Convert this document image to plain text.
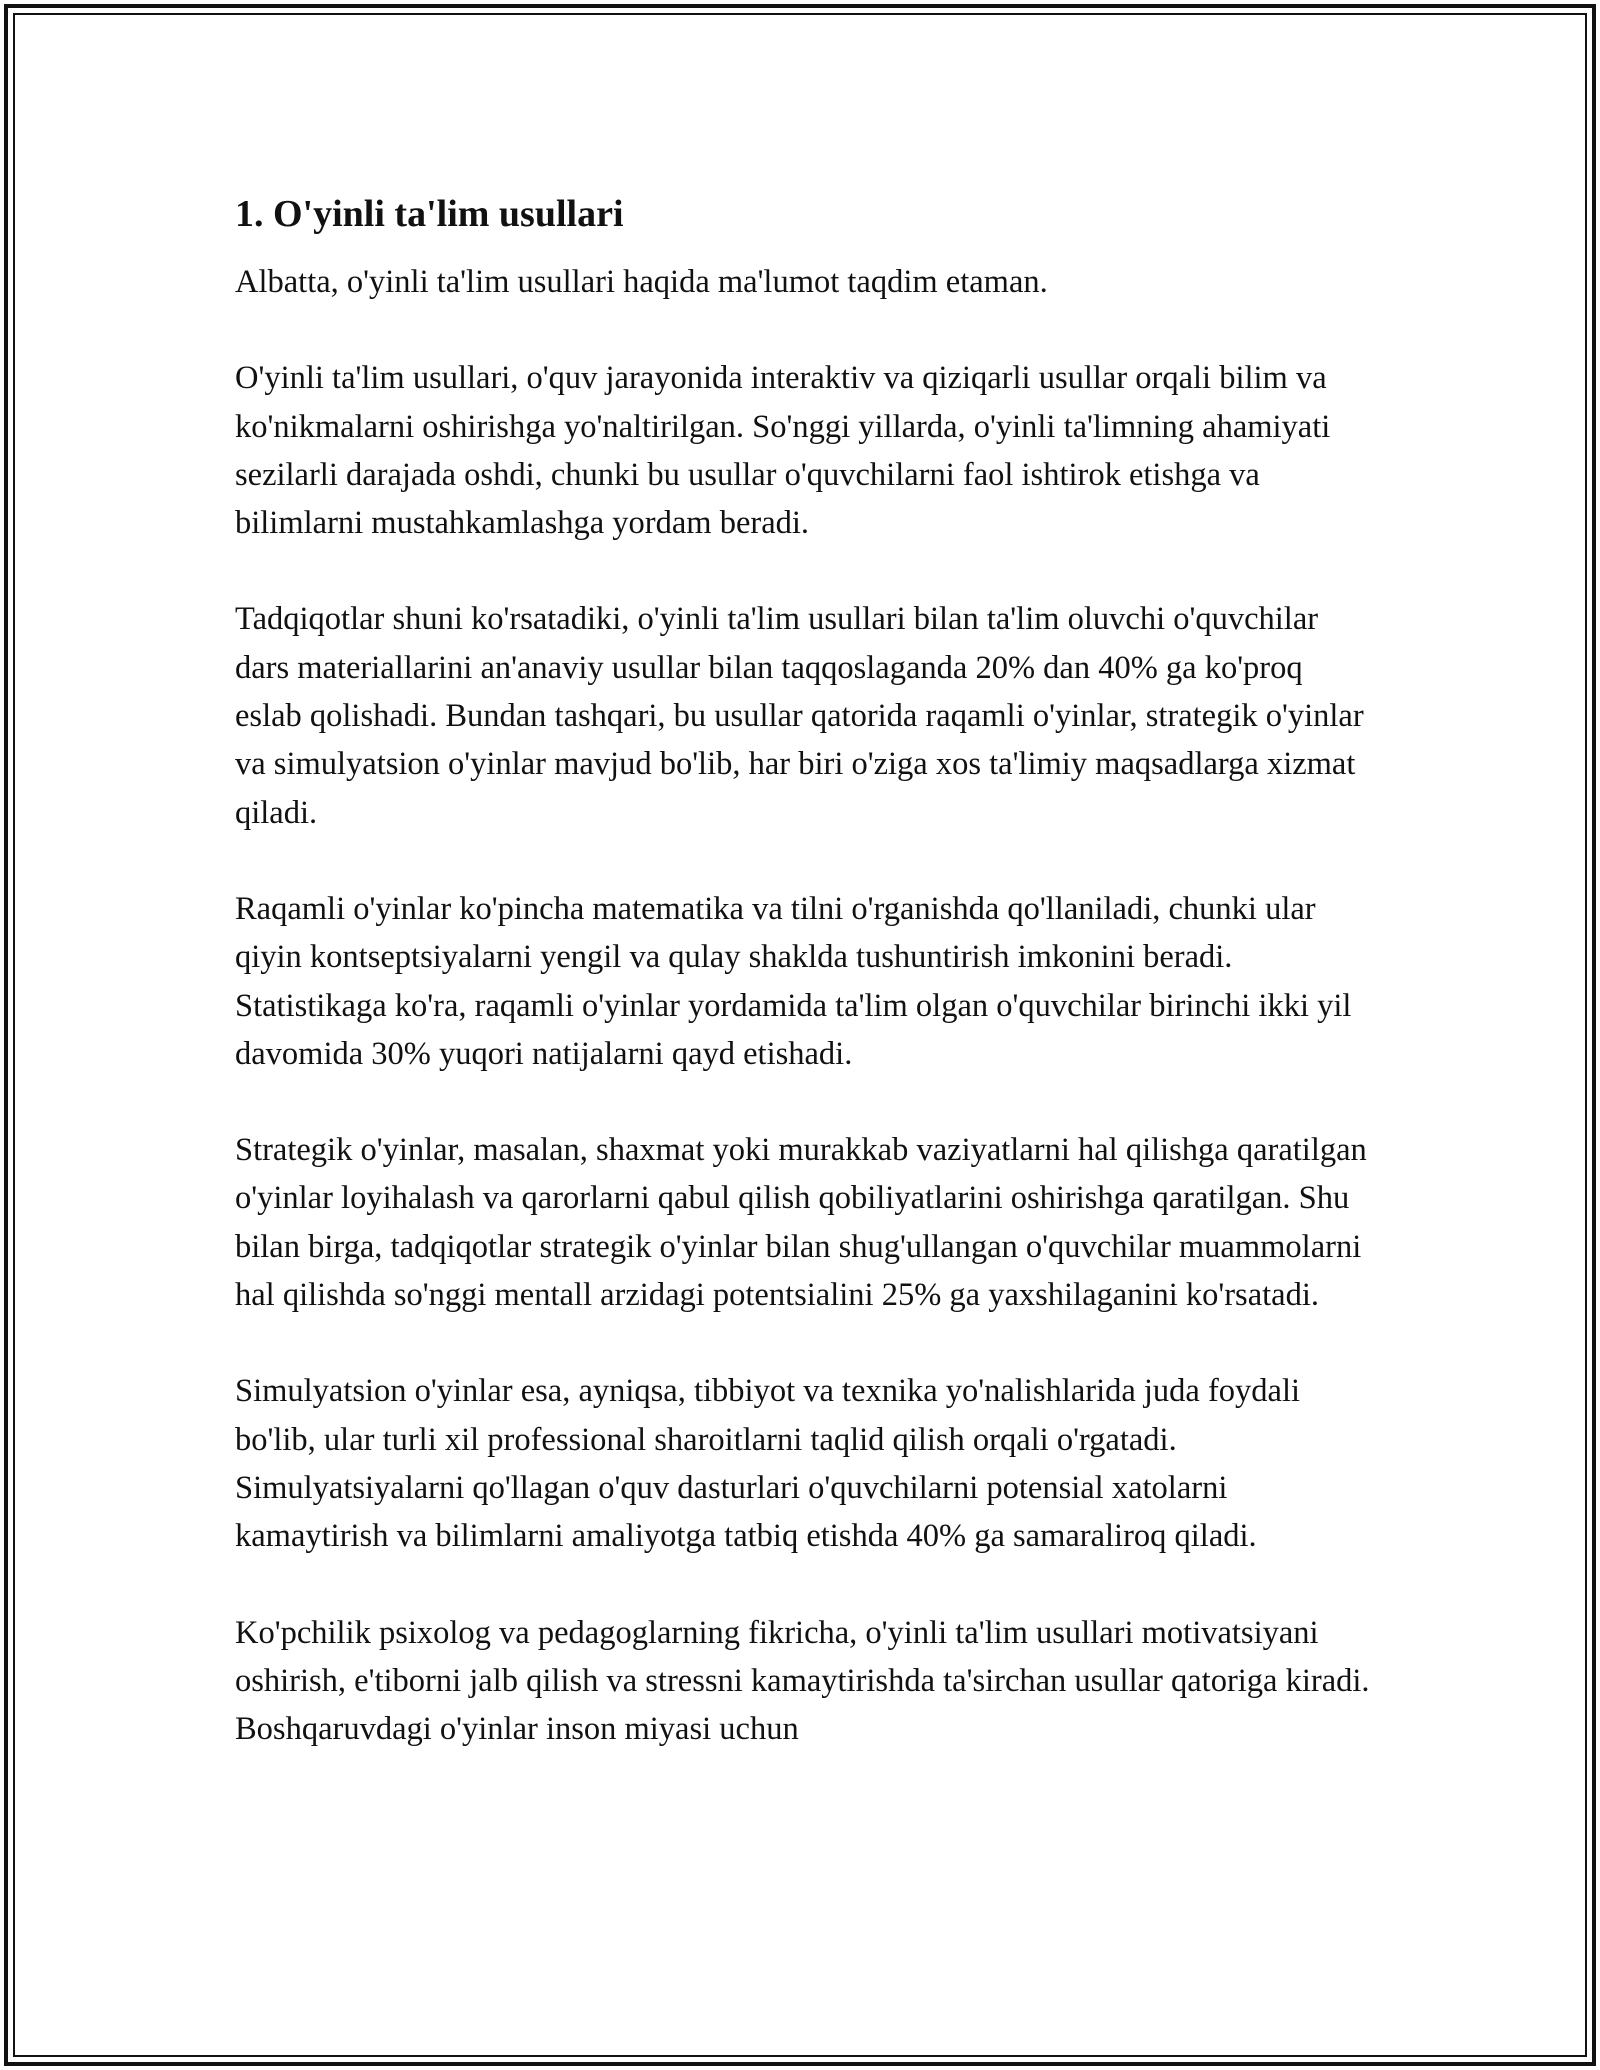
1. O'yinli ta'lim usullari

Albatta, o'yinli ta'lim usullari haqida ma'lumot taqdim etaman.

O'yinli ta'lim usullari, o'quv jarayonida interaktiv va qiziqarli usullar orqali bilim va ko'nikmalarni oshirishga yo'naltirilgan. So'nggi yillarda, o'yinli ta'limning ahamiyati sezilarli darajada oshdi, chunki bu usullar o'quvchilarni faol ishtirok etishga va bilimlarni mustahkamlashga yordam beradi.

Tadqiqotlar shuni ko'rsatadiki, o'yinli ta'lim usullari bilan ta'lim oluvchi o'quvchilar dars materiallarini an'anaviy usullar bilan taqqoslaganda 20% dan 40% ga ko'proq eslab qolishadi. Bundan tashqari, bu usullar qatorida raqamli o'yinlar, strategik o'yinlar va simulyatsion o'yinlar mavjud bo'lib, har biri o'ziga xos ta'limiy maqsadlarga xizmat qiladi.

Raqamli o'yinlar ko'pincha matematika va tilni o'rganishda qo'llaniladi, chunki ular qiyin kontseptsiyalarni yengil va qulay shaklda tushuntirish imkonini beradi. Statistikaga ko'ra, raqamli o'yinlar yordamida ta'lim olgan o'quvchilar birinchi ikki yil davomida 30% yuqori natijalarni qayd etishadi.

Strategik o'yinlar, masalan, shaxmat yoki murakkab vaziyatlarni hal qilishga qaratilgan o'yinlar loyihalash va qarorlarni qabul qilish qobiliyatlarini oshirishga qaratilgan. Shu bilan birga, tadqiqotlar strategik o'yinlar bilan shug'ullangan o'quvchilar muammolarni hal qilishda so'nggi mentall arzidagi potentsialini 25% ga yaxshilaganini ko'rsatadi.

Simulyatsion o'yinlar esa, ayniqsa, tibbiyot va texnika yo'nalishlarida juda foydali bo'lib, ular turli xil professional sharoitlarni taqlid qilish orqali o'rgatadi. Simulyatsiyalarni qo'llagan o'quv dasturlari o'quvchilarni potensial xatolarni kamaytirish va bilimlarni amaliyotga tatbiq etishda 40% ga samaraliroq qiladi.

Ko'pchilik psixolog va pedagoglarning fikricha, o'yinli ta'lim usullari motivatsiyani oshirish, e'tiborni jalb qilish va stressni kamaytirishda ta'sirchan usullar qatoriga kiradi. Boshqaruvdagi o'yinlar inson miyasi uchun
